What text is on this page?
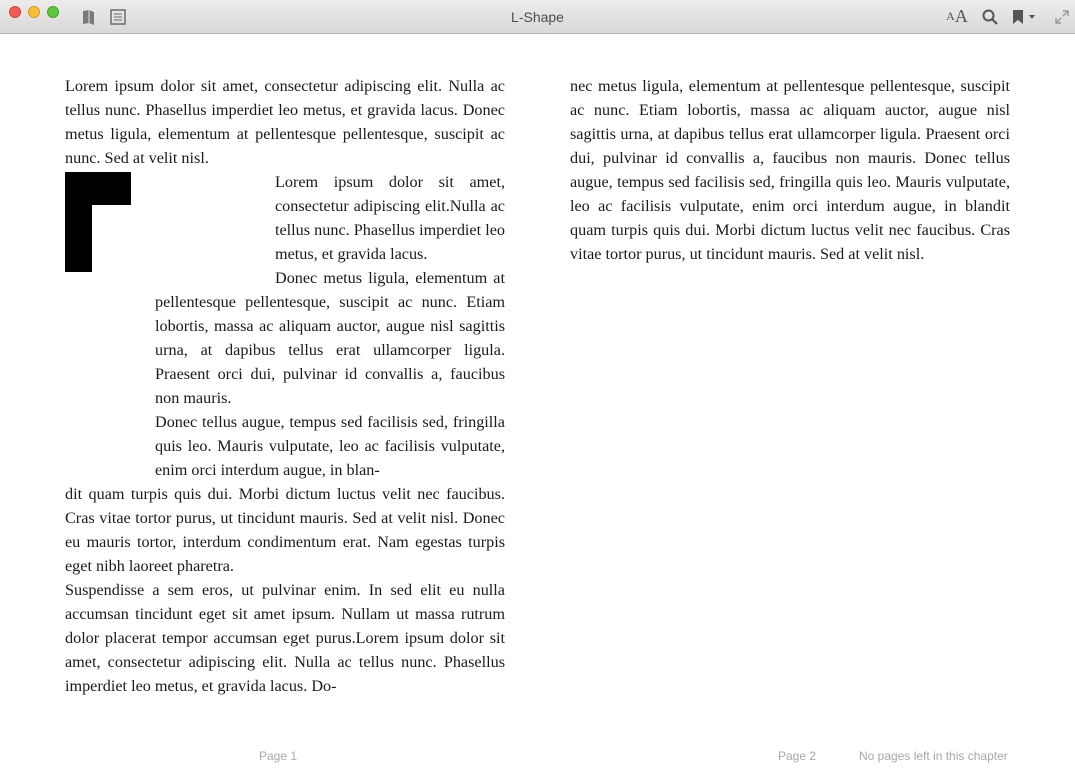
L-Shape	A A

Lorem ipsum dolor sit amet, consectetur adipiscing elit. Nulla ac tellus nunc. Phasellus imperdiet leo metus, et gravida lacus. Donec metus ligula, elementum at pellentesque pellentesque, suscipit ac nunc. Sed at velit nisl.

Lorem ipsum dolor sit amet, consectetur adipiscing elit.Nulla ac tellus nunc. Phasellus imperdiet leo metus, et gravida lacus.

Donec metus ligula, elementum at pellentesque pellentesque, suscipit ac nunc. Etiam lobortis, massa ac aliquam auctor, augue nisl sagittis urna, at dapibus tellus erat ullamcorper ligula. Praesent orci dui, pulvinar id convallis a, faucibus non mauris.

Donec tellus augue, tempus sed facilisis sed, fringilla quis leo. Mauris vulputate, leo ac facilisis vulputate, enim orci interdum augue, in blan-

dit quam turpis quis dui. Morbi dictum luctus velit nec faucibus. Cras vitae tortor purus, ut tincidunt mauris. Sed at velit nisl. Donec eu mauris tortor, interdum condimentum erat. Nam egestas turpis eget nibh laoreet pharetra.

Suspendisse a sem eros, ut pulvinar enim. In sed elit eu nulla accumsan tincidunt eget sit amet ipsum. Nullam ut massa rutrum dolor placerat tempor accumsan eget purus.Lorem ipsum dolor sit amet, consectetur adipiscing elit. Nulla ac tellus nunc. Phasellus imperdiet leo metus, et gravida lacus. Do-

nec metus ligula, elementum at pellentesque pellentesque, suscipit ac nunc. Etiam lobortis, massa ac aliquam auctor, augue nisl sagittis urna, at dapibus tellus erat ullamcorper ligula. Praesent orci dui, pulvinar id convallis a, faucibus non mauris. Donec tellus augue, tempus sed facilisis sed, fringilla quis leo. Mauris vulputate, leo ac facilisis vulputate, enim orci interdum augue, in blandit quam turpis quis dui. Morbi dictum luctus velit nec faucibus. Cras vitae tortor purus, ut tincidunt mauris. Sed at velit nisl.

Page 1	Page 2	No pages left in this chapter
